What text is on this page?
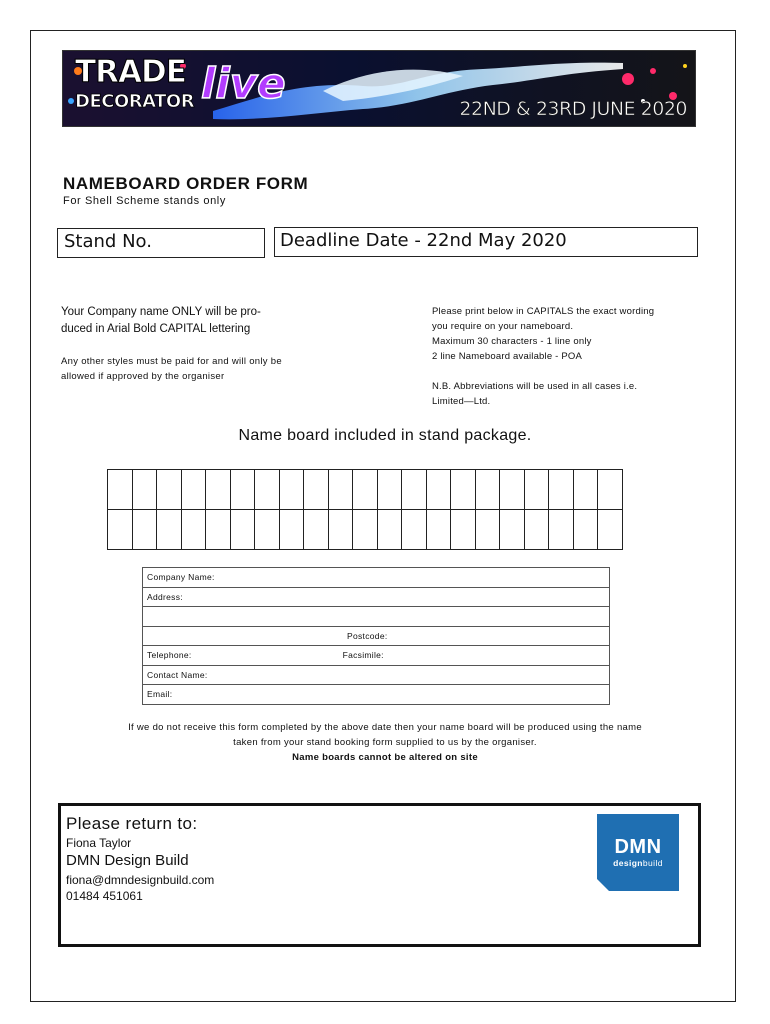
TRADE
DECORATOR live
22ND & 23RD JUNE 2020
NAMEBOARD ORDER FORM
For Shell Scheme stands only
Stand No.	Deadline Date - 22nd May 2020
Your Company name ONLY will be pro-
duced in Arial Bold CAPITAL lettering
Any other styles must be paid for and will only be
allowed if approved by the organiser
Please print below in CAPITALS the exact wording
you require on your nameboard.
Maximum 30 characters - 1 line only
2 line Nameboard available - POA
N.B. Abbreviations will be used in all cases i.e.
Limited—Ltd.
Name board included in stand package.

Company Name:
Address:

Postcode:
Telephone:	Facsimile:

Contact Name:
Email:
If we do not receive this form completed by the above date then your name board will be produced using the name
taken from your stand booking form supplied to us by the organiser.
Name boards cannot be altered on site
Please return to:
Fiona Taylor
DMN Design Build
fiona@dmndesignbuild.com
01484 451061
DMN
designbuild
